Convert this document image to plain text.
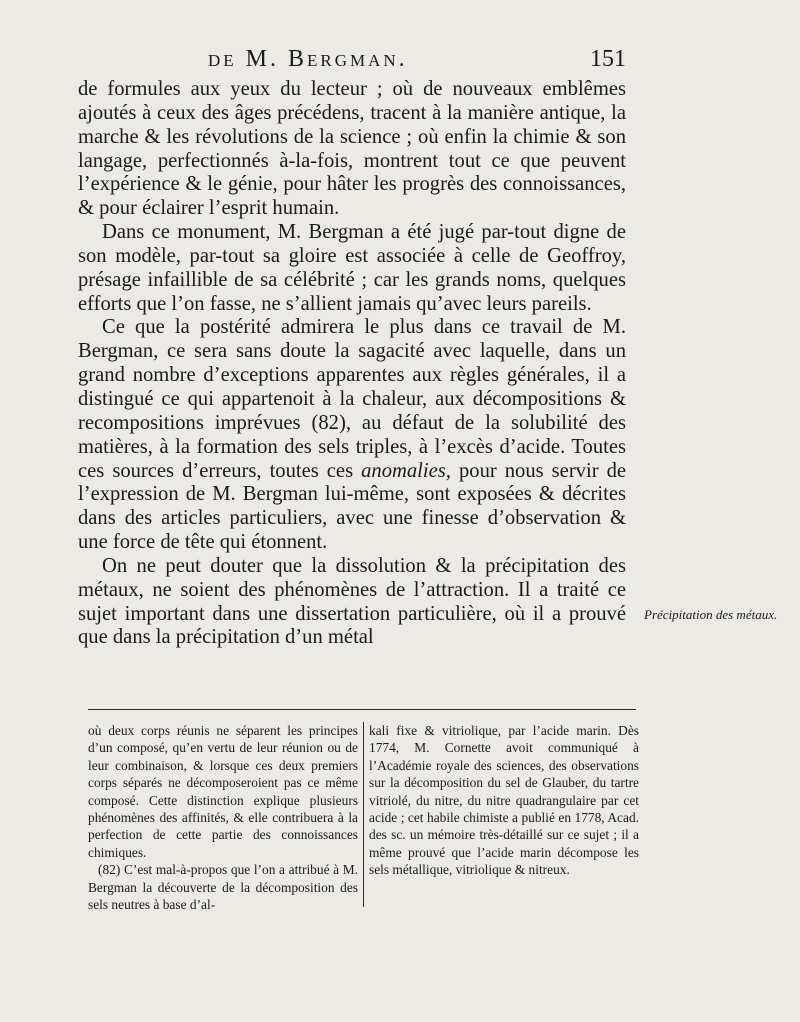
de M. Bergman.	151

de formules aux yeux du lecteur ; où de nouveaux emblêmes ajoutés à ceux des âges précédens, tracent à la manière antique, la marche & les révolutions de la science ; où enfin la chimie & son langage, perfectionnés à-la-fois, montrent tout ce que peuvent l’expérience & le génie, pour hâter les progrès des connoissances, & pour éclairer l’esprit humain.

Dans ce monument, M. Bergman a été jugé par-tout digne de son modèle, par-tout sa gloire est associée à celle de Geoffroy, présage infaillible de sa célébrité ; car les grands noms, quelques efforts que l’on fasse, ne s’allient jamais qu’avec leurs pareils.

Ce que la postérité admirera le plus dans ce travail de M. Bergman, ce sera sans doute la sagacité avec laquelle, dans un grand nombre d’exceptions apparentes aux règles générales, il a distingué ce qui appartenoit à la chaleur, aux décompositions & recompositions imprévues (82), au défaut de la solubilité des matières, à la formation des sels triples, à l’excès d’acide. Toutes ces sources d’erreurs, toutes ces anomalies, pour nous servir de l’expression de M. Bergman lui-même, sont exposées & décrites dans des articles particuliers, avec une finesse d’observation & une force de tête qui étonnent.

On ne peut douter que la dissolution & la précipitation des métaux, ne soient des phénomènes de l’attraction. Il a traité ce sujet important dans une dissertation particulière, où il a prouvé que dans la précipitation d’un métal

Précipitation des métaux.

où deux corps réunis ne séparent les principes d’un composé, qu’en vertu de leur réunion ou de leur combinaison, & lorsque ces deux premiers corps séparés ne décomposeroient pas ce même composé. Cette distinction explique plusieurs phénomènes des affinités, & elle contribuera à la perfection de cette partie des connoissances chimiques.

(82) C’est mal-à-propos que l’on a attribué à M. Bergman la découverte de la décomposition des sels neutres à base d’al-

kali fixe & vitriolique, par l’acide marin. Dès 1774, M. Cornette avoit communiqué à l’Académie royale des sciences, des observations sur la décomposition du sel de Glauber, du tartre vitriolé, du nitre, du nitre quadrangulaire par cet acide ; cet habile chimiste a publié en 1778, Acad. des sc. un mémoire très-détaillé sur ce sujet ; il a même prouvé que l’acide marin décompose les sels métallique, vitriolique & nitreux.
